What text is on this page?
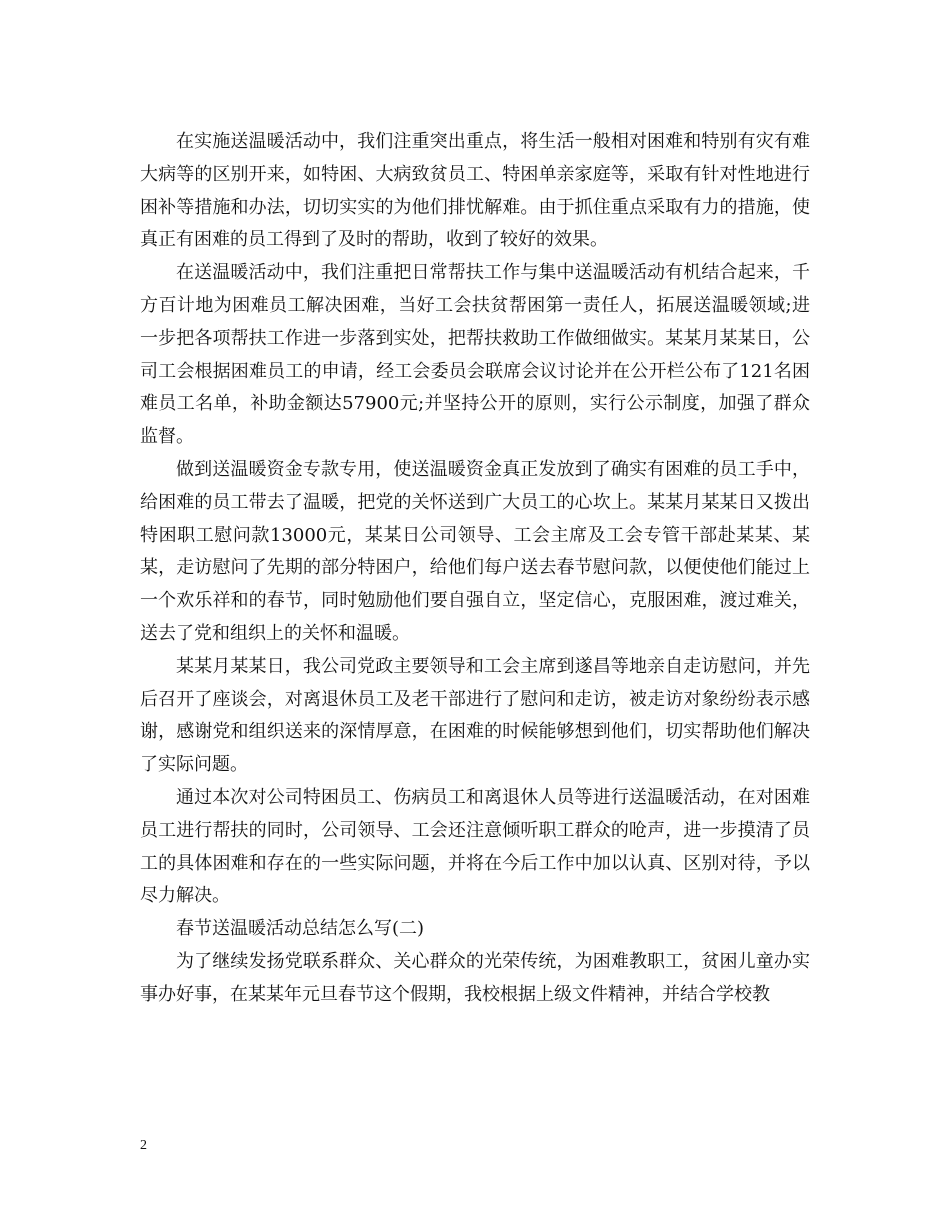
在实施送温暖活动中，我们注重突出重点，将生活一般相对困难和特别有灾有难大病等的区别开来，如特困、大病致贫员工、特困单亲家庭等，采取有针对性地进行困补等措施和办法，切切实实的为他们排忧解难。由于抓住重点采取有力的措施，使真正有困难的员工得到了及时的帮助，收到了较好的效果。

在送温暖活动中，我们注重把日常帮扶工作与集中送温暖活动有机结合起来，千方百计地为困难员工解决困难，当好工会扶贫帮困第一责任人，拓展送温暖领域;进一步把各项帮扶工作进一步落到实处，把帮扶救助工作做细做实。某某月某某日，公司工会根据困难员工的申请，经工会委员会联席会议讨论并在公开栏公布了121名困难员工名单，补助金额达57900元;并坚持公开的原则，实行公示制度，加强了群众监督。

做到送温暖资金专款专用，使送温暖资金真正发放到了确实有困难的员工手中，给困难的员工带去了温暖，把党的关怀送到广大员工的心坎上。某某月某某日又拨出特困职工慰问款13000元，某某日公司领导、工会主席及工会专管干部赴某某、某某，走访慰问了先期的部分特困户，给他们每户送去春节慰问款，以便使他们能过上一个欢乐祥和的春节，同时勉励他们要自强自立，坚定信心，克服困难，渡过难关，送去了党和组织上的关怀和温暖。

某某月某某日，我公司党政主要领导和工会主席到遂昌等地亲自走访慰问，并先后召开了座谈会，对离退休员工及老干部进行了慰问和走访，被走访对象纷纷表示感谢，感谢党和组织送来的深情厚意，在困难的时候能够想到他们，切实帮助他们解决了实际问题。

通过本次对公司特困员工、伤病员工和离退休人员等进行送温暖活动，在对困难员工进行帮扶的同时，公司领导、工会还注意倾听职工群众的呛声，进一步摸清了员工的具体困难和存在的一些实际问题，并将在今后工作中加以认真、区别对待，予以尽力解决。

春节送温暖活动总结怎么写(二)

为了继续发扬党联系群众、关心群众的光荣传统，为困难教职工，贫困儿童办实事办好事，在某某年元旦春节这个假期，我校根据上级文件精神，并结合学校教

2
